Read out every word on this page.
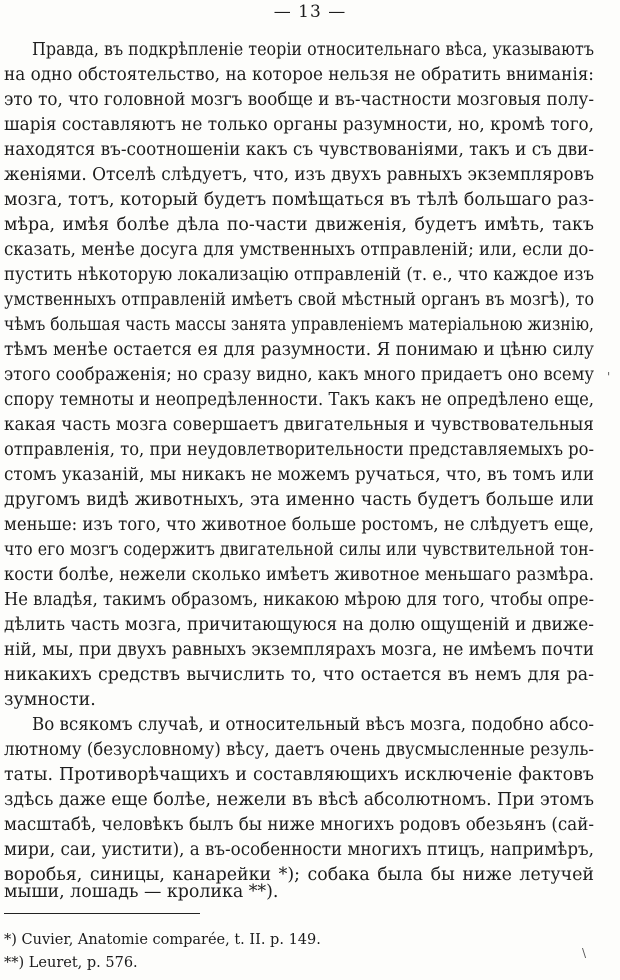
— 13 —
Правда, въ подкрѣпленіе теоріи относительнаго вѣса, указываютъ
на одно обстоятельство, на которое нельзя не обратить вниманія:
это то, что головной мозгъ вообще и въ-частности мозговыя полу-
шарія составляютъ не только органы разумности, но, кромѣ того,
находятся въ-соотношеніи какъ съ чувствованіями, такъ и съ дви-
женіями. Отселѣ слѣдуетъ, что, изъ двухъ равныхъ экземпляровъ
мозга, тотъ, который будетъ помѣщаться въ тѣлѣ большаго раз-
мѣра, имѣя болѣе дѣла по-части движенія, будетъ имѣть, такъ
сказать, менѣе досуга для умственныхъ отправленій; или, если до-
пустить нѣкоторую локализацію отправленій (т. е., что каждое изъ
умственныхъ отправленій имѣетъ свой мѣстный органъ въ мозгѣ), то
чѣмъ большая часть массы занята управленіемъ матеріальною жизнію,
тѣмъ менѣе остается ея для разумности. Я понимаю и цѣню силу
этого соображенія; но сразу видно, какъ много придаетъ оно всему
спору темноты и неопредѣленности. Такъ какъ не опредѣлено еще,
какая часть мозга совершаетъ двигательныя и чувствовательныя
отправленія, то, при неудовлетворительности представляемыхъ ро-
стомъ указаній, мы никакъ не можемъ ручаться, что, въ томъ или
другомъ видѣ животныхъ, эта именно часть будетъ больше или
меньше: изъ того, что животное больше ростомъ, не слѣдуетъ еще,
что его мозгъ содержитъ двигательной силы или чувствительной тон-
кости болѣе, нежели сколько имѣетъ животное меньшаго размѣра.
Не владѣя, такимъ образомъ, никакою мѣрою для того, чтобы опре-
дѣлить часть мозга, причитающуюся на долю ощущеній и движе-
ній, мы, при двухъ равныхъ экземплярахъ мозга, не имѣемъ почти
никакихъ средствъ вычислить то, что остается въ немъ для ра-
зумности.
Во всякомъ случаѣ, и относительный вѣсъ мозга, подобно абсо-
лютному (безусловному) вѣсу, даетъ очень двусмысленные резуль-
таты. Противорѣчащихъ и составляющихъ исключеніе фактовъ
здѣсь даже еще болѣе, нежели въ вѣсѣ абсолютномъ. При этомъ
масштабѣ, человѣкъ былъ бы ниже многихъ родовъ обезьянъ (сай-
мири, саи, уистити), а въ-особенности многихъ птицъ, напримѣръ,
воробья, синицы, канарейки *); собака была бы ниже летучей
мыши, лошадь — кролика **).
*) Cuvier, Anatomie comparée, t. II. p. 149.
**) Leuret, p. 576.
'
\
